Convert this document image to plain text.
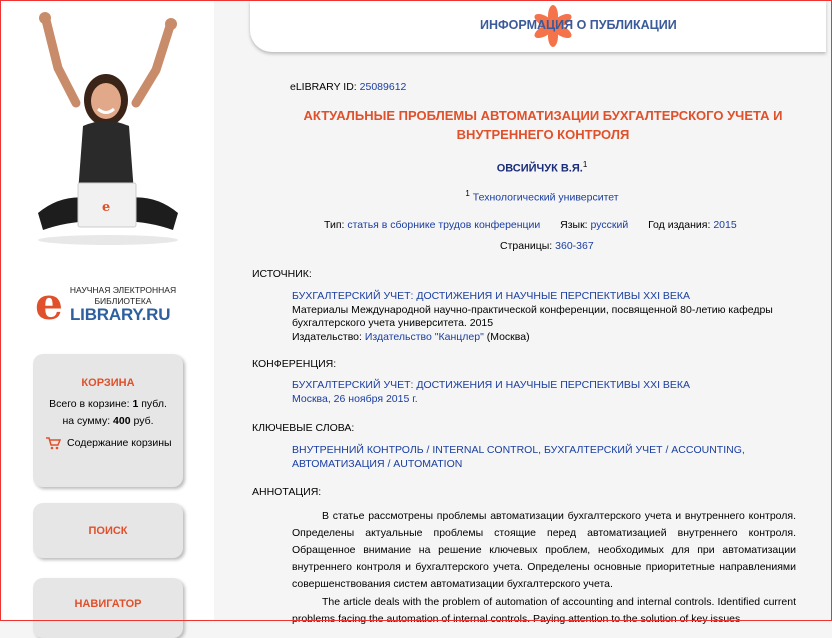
e
НАУЧНАЯ ЭЛЕКТРОННАЯ БИБЛИОТЕКА
e LIBRARY.RU
КОРЗИНА
Всего в корзине: 1 публ.
на сумму: 400 руб.
Содержание корзины
ПОИСК
НАВИГАТОР
ИНФОРМАЦИЯ О ПУБЛИКАЦИИ
eLIBRARY ID: 25089612
АКТУАЛЬНЫЕ ПРОБЛЕМЫ АВТОМАТИЗАЦИИ БУХГАЛТЕРСКОГО УЧЕТА И
ВНУТРЕННЕГО КОНТРОЛЯ
ОВСИЙЧУК В.Я.$^1$
$^1$ Технологический университет
Тип: статья в сборнике трудов конференции Язык: русский Год издания: 2015
Страницы: 360-367
ИСТОЧНИК:
БУХГАЛТЕРСКИЙ УЧЕТ: ДОСТИЖЕНИЯ И НАУЧНЫЕ ПЕРСПЕКТИВЫ XXI ВЕКА
Материалы Международной научно-практической конференции, посвященной 80-летию кафедры
бухгалтерского учета университета. 2015
Издательство: Издательство "Канцлер" (Москва)
КОНФЕРЕНЦИЯ:
БУХГАЛТЕРСКИЙ УЧЕТ: ДОСТИЖЕНИЯ И НАУЧНЫЕ ПЕРСПЕКТИВЫ XXI ВЕКА
Москва, 26 ноября 2015 г.
КЛЮЧЕВЫЕ СЛОВА:
ВНУТРЕННИЙ КОНТРОЛЬ / INTERNAL CONTROL, БУХГАЛТЕРСКИЙ УЧЕТ / ACCOUNTING,
АВТОМАТИЗАЦИЯ / AUTOMATION
АННОТАЦИЯ:
В статье рассмотрены проблемы автоматизации бухгалтерского учета и внутреннего контроля. Определены актуальные проблемы стоящие перед автоматизацией внутреннего контроля. Обращенное внимание на решение ключевых проблем, необходимых для при автоматизации внутреннего контроля и бухгалтерского учета. Определены основные приоритетные направлениями совершенствования систем автоматизации бухгалтерского учета.
The article deals with the problem of automation of accounting and internal controls. Identified current problems facing the automation of internal controls. Paying attention to the solution of key issues
